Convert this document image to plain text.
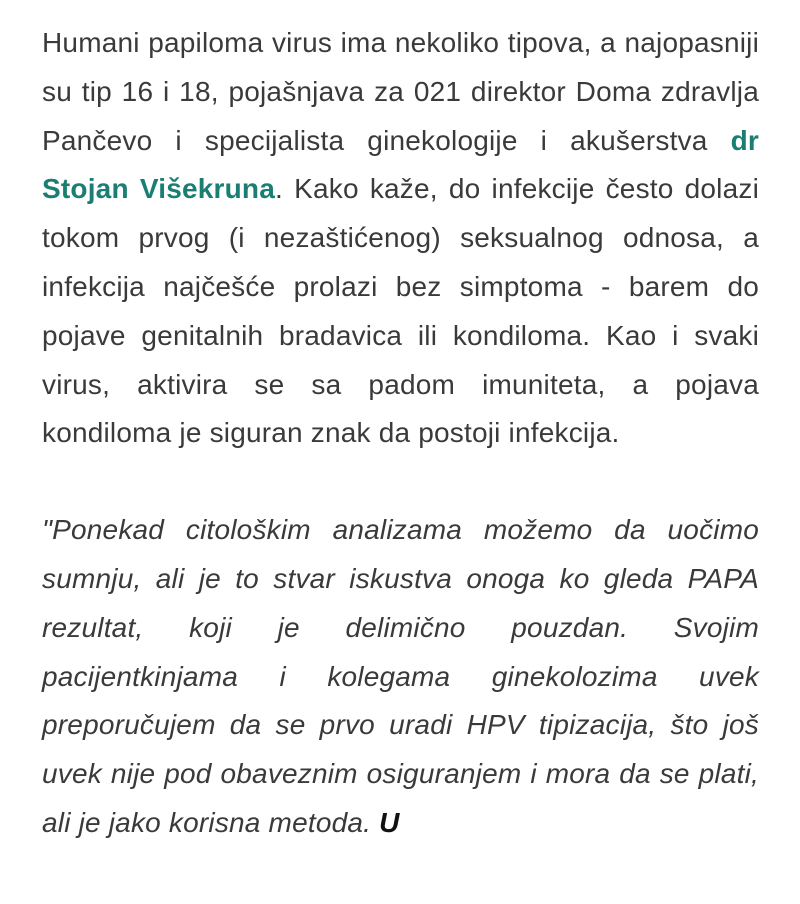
Humani papiloma virus ima nekoliko tipova, a najopasniji su tip 16 i 18, pojašnjava za 021 direktor Doma zdravlja Pančevo i specijalista ginekologije i akušerstva dr Stojan Višekruna. Kako kaže, do infekcije često dolazi tokom prvog (i nezaštićenog) seksualnog odnosa, a infekcija najčešće prolazi bez simptoma - barem do pojave genitalnih bradavica ili kondiloma. Kao i svaki virus, aktivira se sa padom imuniteta, a pojava kondiloma je siguran znak da postoji infekcija.

"Ponekad citološkim analizama možemo da uočimo sumnju, ali je to stvar iskustva onoga ko gleda PAPA rezultat, koji je delimično pouzdan. Svojim pacijentkinjama i kolegama ginekolozima uvek preporučujem da se prvo uradi HPV tipizacija, što još uvek nije pod obaveznim osiguranjem i mora da se plati, ali je jako korisna metoda. U
